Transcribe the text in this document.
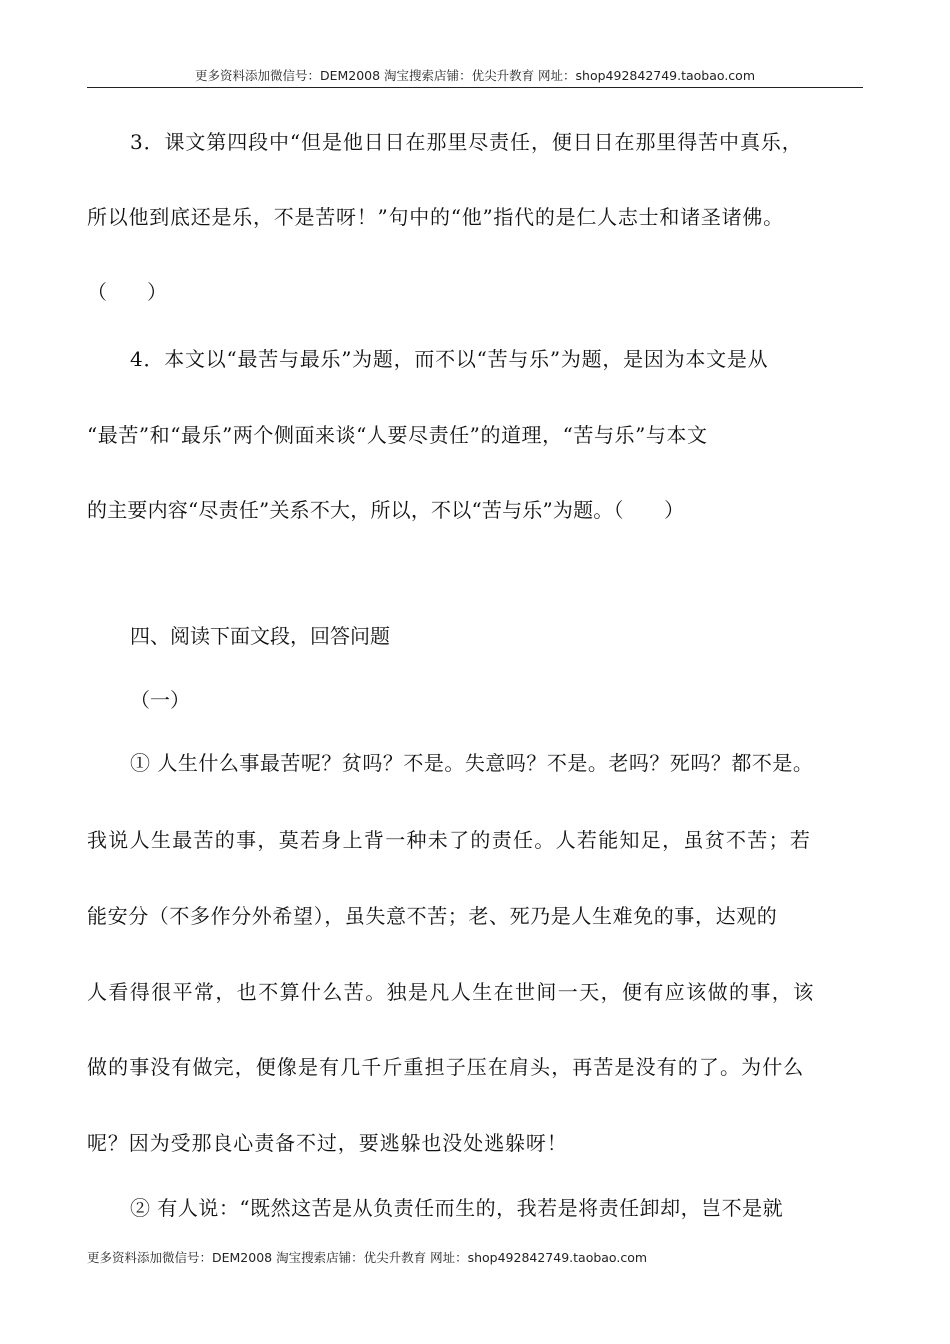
更多资料添加微信号：DEM2008 淘宝搜索店铺：优尖升教育 网址：shop492842749.taobao.com
3．课文第四段中“但是他日日在那里尽责任，便日日在那里得苦中真乐，
所以他到底还是乐，不是苦呀！”句中的“他”指代的是仁人志士和诸圣诸佛。
（　　）
4．本文以“最苦与最乐”为题，而不以“苦与乐”为题，是因为本文是从
“最苦”和“最乐”两个侧面来谈“人要尽责任”的道理，“苦与乐”与本文
的主要内容“尽责任”关系不大，所以，不以“苦与乐”为题。（　　）
四、阅读下面文段，回答问题
（一）
① 人生什么事最苦呢？贫吗？不是。失意吗？不是。老吗？死吗？都不是。
我说人生最苦的事，莫若身上背一种未了的责任。人若能知足，虽贫不苦；若
能安分（不多作分外希望），虽失意不苦；老、死乃是人生难免的事，达观的
人看得很平常，也不算什么苦。独是凡人生在世间一天，便有应该做的事，该
做的事没有做完，便像是有几千斤重担子压在肩头，再苦是没有的了。为什么
呢？因为受那良心责备不过，要逃躲也没处逃躲呀！
② 有人说：“既然这苦是从负责任而生的，我若是将责任卸却，岂不是就
更多资料添加微信号：DEM2008 淘宝搜索店铺：优尖升教育 网址：shop492842749.taobao.com
